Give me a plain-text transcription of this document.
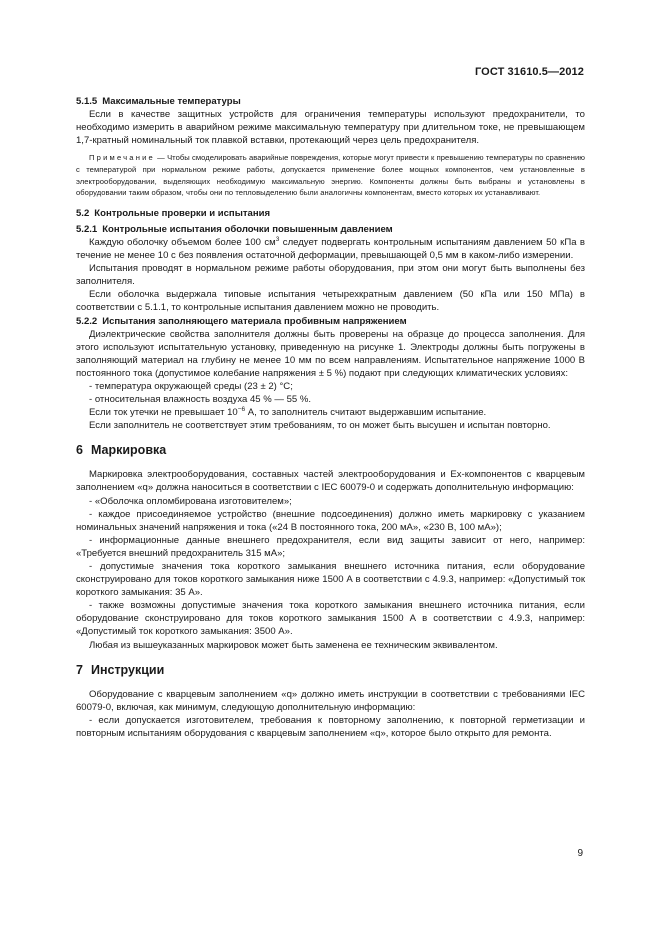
ГОСТ 31610.5—2012

5.1.5 Максимальные температуры

Если в качестве защитных устройств для ограничения температуры используют предохранители, то необходимо измерить в аварийном режиме максимальную температуру при длительном токе, не превышающем 1,7-кратный номинальный ток плавкой вставки, протекающий через цель предохранителя.

Примечание — Чтобы смоделировать аварийные повреждения, которые могут привести к превышению температуры по сравнению с температурой при нормальном режиме работы, допускается применение более мощных компонентов, чем установленные в электрооборудовании, выделяющих необходимую максимальную энергию. Компоненты должны быть выбраны и установлены в оборудовании таким образом, чтобы они по тепловыделению были аналогичны компонентам, вместо которых их устанавливают.

5.2 Контрольные проверки и испытания

5.2.1 Контрольные испытания оболочки повышенным давлением

Каждую оболочку объемом более 100 $см^3$ следует подвергать контрольным испытаниям давлением 50 кПа в течение не менее 10 с без появления остаточной деформации, превышающей 0,5 мм в каком-либо измерении.

Испытания проводят в нормальном режиме работы оборудования, при этом они могут быть выполнены без заполнителя.

Если оболочка выдержала типовые испытания четырехкратным давлением (50 кПа или 150 МПа) в соответствии с 5.1.1, то контрольные испытания давлением можно не проводить.

5.2.2 Испытания заполняющего материала пробивным напряжением

Диэлектрические свойства заполнителя должны быть проверены на образце до процесса заполнения. Для этого используют испытательную установку, приведенную на рисунке 1. Электроды должны быть погружены в заполняющий материал на глубину не менее 10 мм по всем направлениям. Испытательное напряжение 1000 В постоянного тока (допустимое колебание напряжения ± 5 %) подают при следующих климатических условиях:

- температура окружающей среды (23 ± 2) °C;

- относительная влажность воздуха 45 % — 55 %.

Если ток утечки не превышает $10^{-6}$ А, то заполнитель считают выдержавшим испытание.

Если заполнитель не соответствует этим требованиям, то он может быть высушен и испытан повторно.

6 Маркировка

Маркировка электрооборудования, составных частей электрооборудования и Ex-компонентов с кварцевым заполнением «q» должна наноситься в соответствии с IEC 60079-0 и содержать дополнительную информацию:

- «Оболочка опломбирована изготовителем»;

- каждое присоединяемое устройство (внешние подсоединения) должно иметь маркировку с указанием номинальных значений напряжения и тока («24 В постоянного тока, 200 мА», «230 В, 100 мА»);

- информационные данные внешнего предохранителя, если вид защиты зависит от него, например: «Требуется внешний предохранитель 315 мА»;

- допустимые значения тока короткого замыкания внешнего источника питания, если оборудование сконструировано для токов короткого замыкания ниже 1500 А в соответствии с 4.9.3, например: «Допустимый ток короткого замыкания: 35 А».

- также возможны допустимые значения тока короткого замыкания внешнего источника питания, если оборудование сконструировано для токов короткого замыкания 1500 А в соответствии с 4.9.3, например: «Допустимый ток короткого замыкания: 3500 А».

Любая из вышеуказанных маркировок может быть заменена ее техническим эквивалентом.

7 Инструкции

Оборудование с кварцевым заполнением «q» должно иметь инструкции в соответствии с требованиями IEC 60079-0, включая, как минимум, следующую дополнительную информацию:

- если допускается изготовителем, требования к повторному заполнению, к повторной герметизации и повторным испытаниям оборудования с кварцевым заполнением «q», которое было открыто для ремонта.

9
